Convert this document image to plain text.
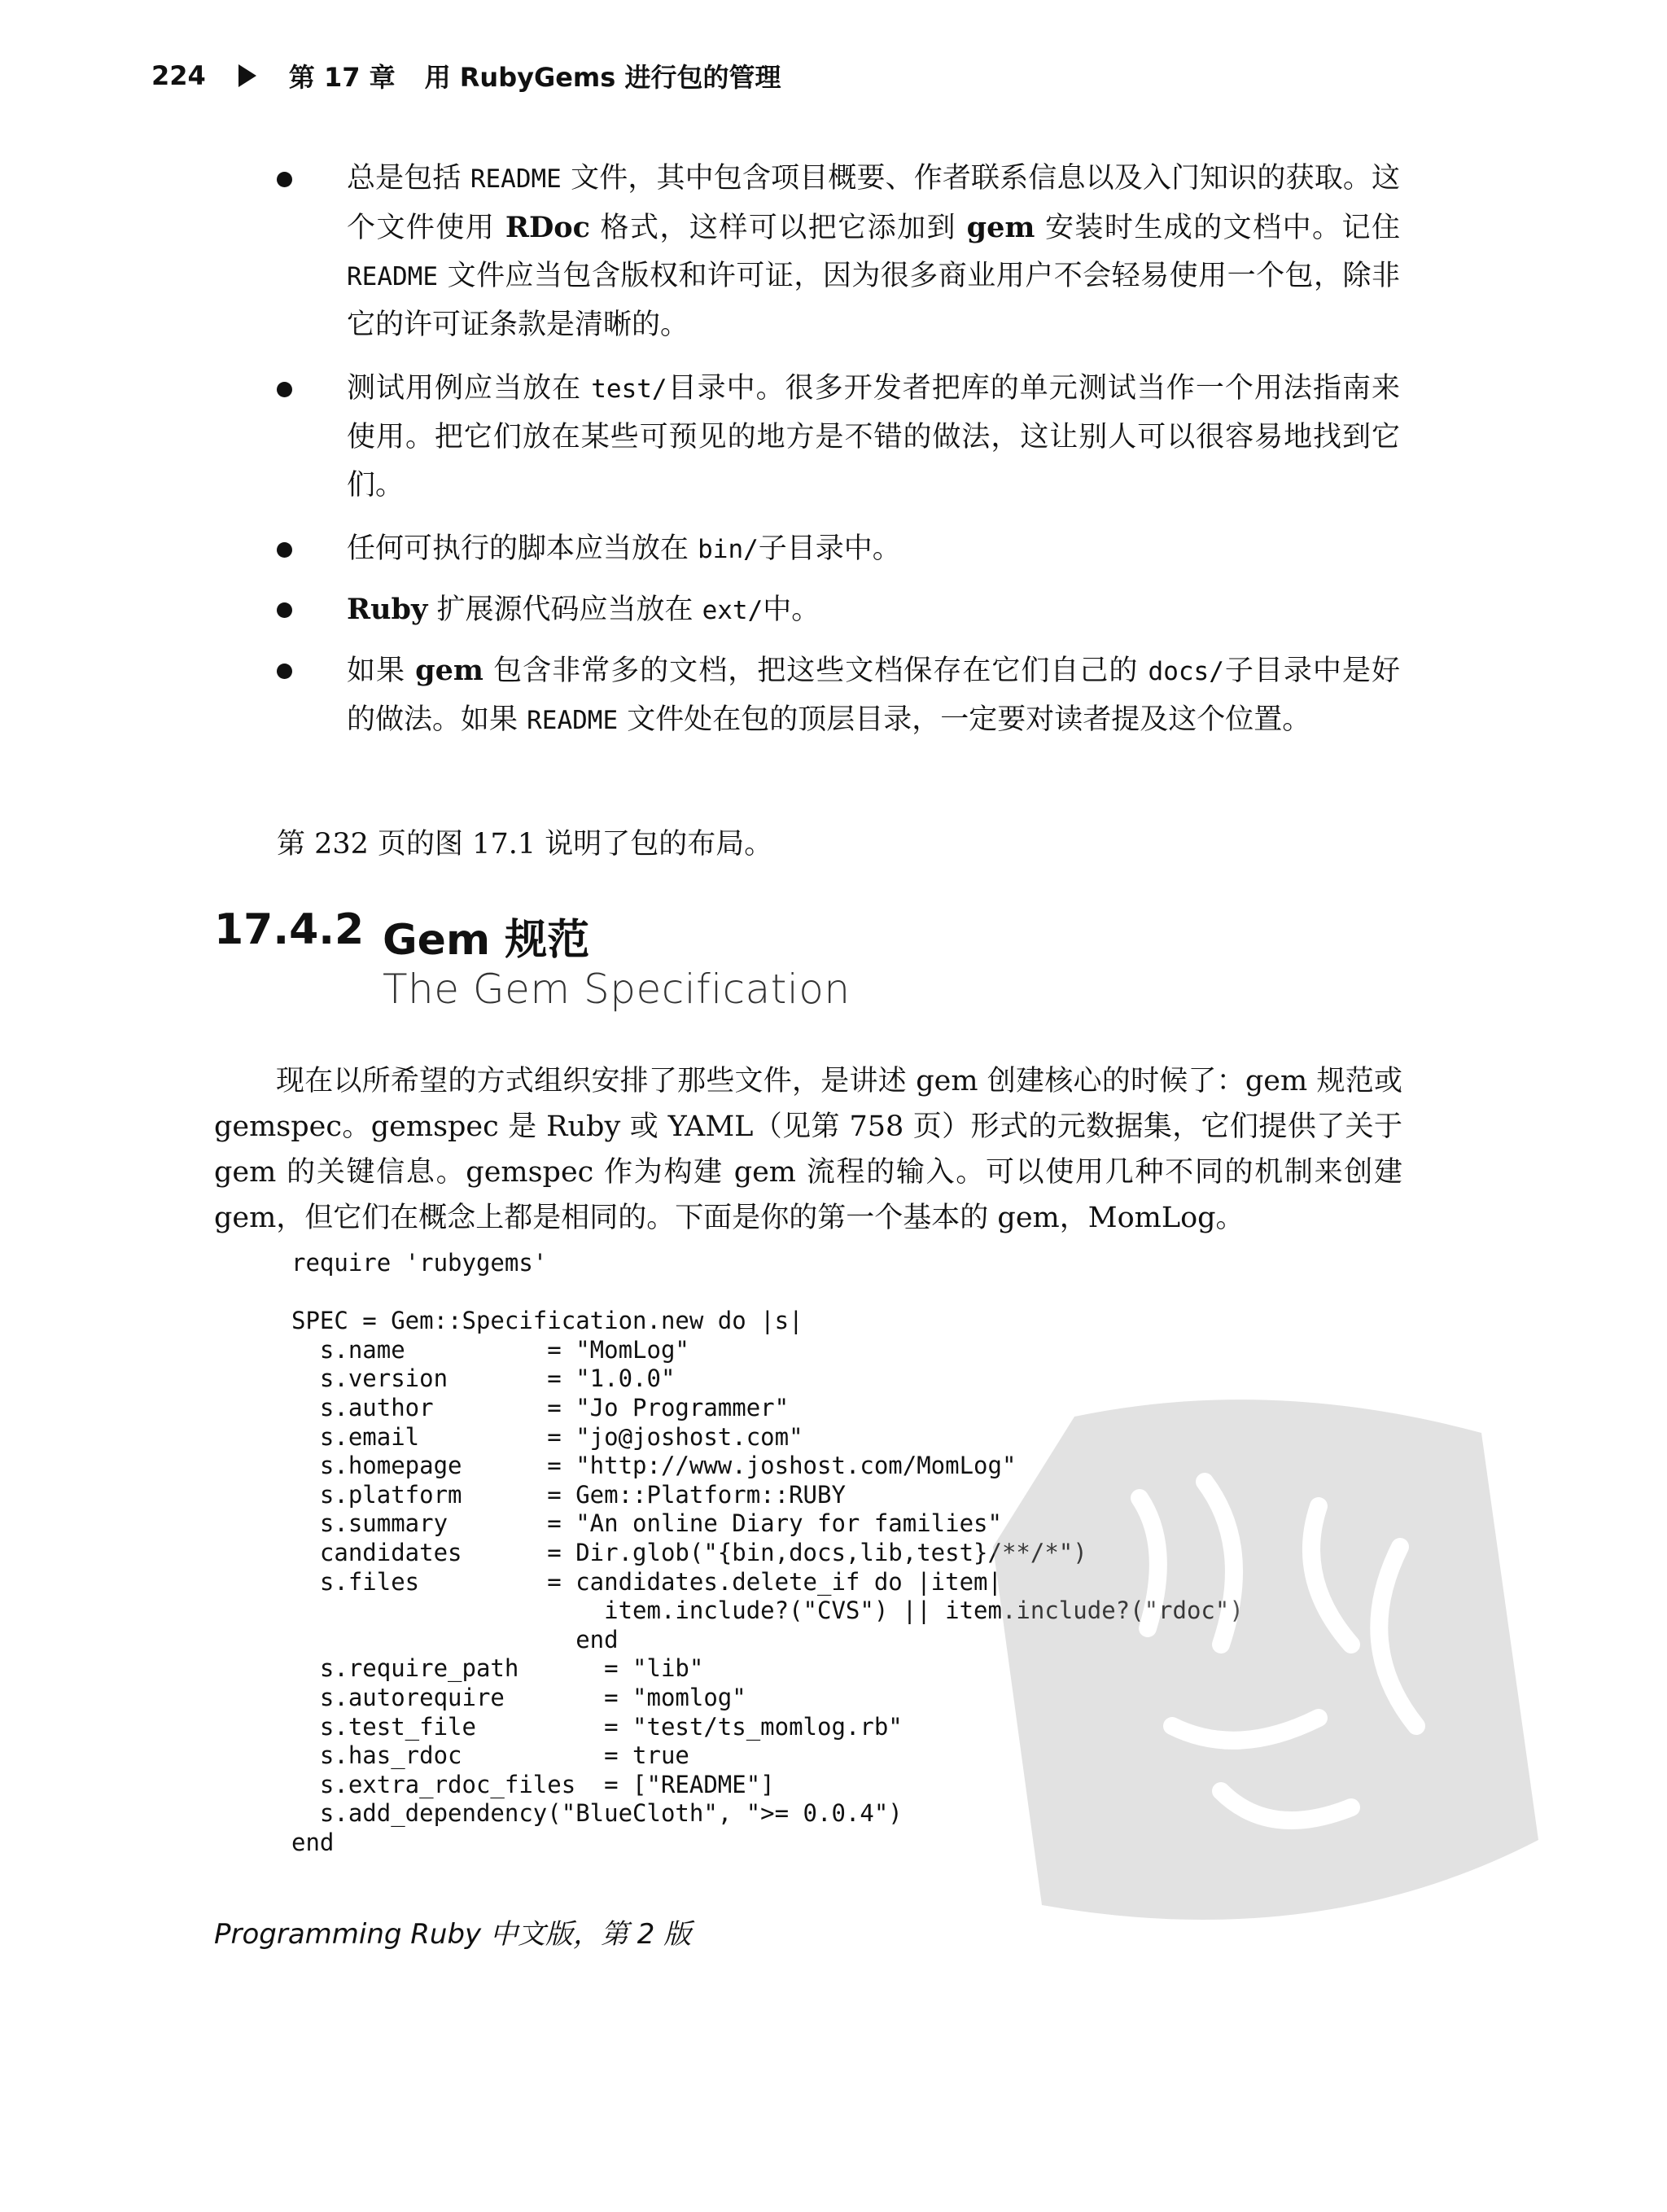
224	第 17 章 用 RubyGems 进行包的管理
总是包括 README 文件，其中包含项目概要、作者联系信息以及入门知识的获取。这个文件使用 RDoc 格式，这样可以把它添加到 gem 安装时生成的文档中。记住 README 文件应当包含版权和许可证，因为很多商业用户不会轻易使用一个包，除非它的许可证条款是清晰的。
测试用例应当放在 test/目录中。很多开发者把库的单元测试当作一个用法指南来使用。把它们放在某些可预见的地方是不错的做法，这让别人可以很容易地找到它们。
任何可执行的脚本应当放在 bin/子目录中。
Ruby 扩展源代码应当放在 ext/中。
如果 gem 包含非常多的文档，把这些文档保存在它们自己的 docs/子目录中是好的做法。如果 README 文件处在包的顶层目录，一定要对读者提及这个位置。

第 232 页的图 17.1 说明了包的布局。

17.4.2 Gem 规范
The Gem Specification

现在以所希望的方式组织安排了那些文件，是讲述 gem 创建核心的时候了：gem 规范或 gemspec。gemspec 是 Ruby 或 YAML（见第 758 页）形式的元数据集，它们提供了关于 gem 的关键信息。gemspec 作为构建 gem 流程的输入。可以使用几种不同的机制来创建 gem，但它们在概念上都是相同的。下面是你的第一个基本的 gem，MomLog。

require 'rubygems'

SPEC = Gem::Specification.new do |s|
s.name          = "MomLog"
s.version       = "1.0.0"
s.author        = "Jo Programmer"
s.email         = "jo@joshost.com"
s.homepage      = "http://www.joshost.com/MomLog"
s.platform      = Gem::Platform::RUBY
s.summary       = "An online Diary for families"
candidates      = Dir.glob("{bin,docs,lib,test}/**/*")
s.files         = candidates.delete_if do |item|
item.include?("CVS") ||
end
s.require_path      = "lib"
s.autorequire       = "momlog"
s.test_file         = "test/ts_momlog.rb"
s.has_rdoc          = true
s.extra_rdoc_files  = ["README"]
s.add_dependency("BlueCloth", ">= 0.0.4")
end
Programming Ruby 中文版，第 2 版
